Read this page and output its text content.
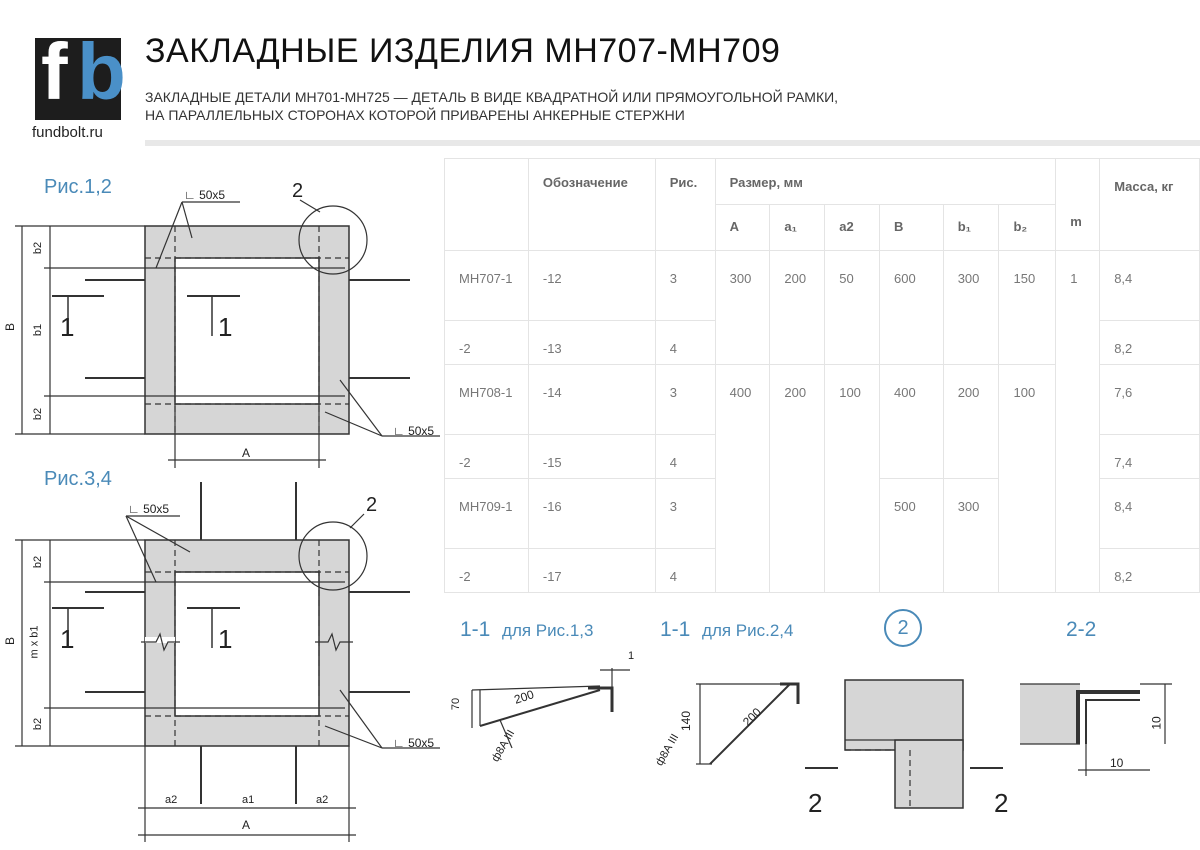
f b
fundbolt.ru
ЗАКЛАДНЫЕ ИЗДЕЛИЯ МН707-МН709
ЗАКЛАДНЫЕ ДЕТАЛИ МН701-МН725 — ДЕТАЛЬ В ВИДЕ КВАДРАТНОЙ ИЛИ ПРЯМОУГОЛЬНОЙ РАМКИ,
НА ПАРАЛЛЕЛЬНЫХ СТОРОНАХ КОТОРОЙ ПРИВАРЕНЫ АНКЕРНЫЕ СТЕРЖНИ
Рис.1,2
Рис.3,4
∟ 50x5
∟ 50x5
2
1	1
B
b2
b1
b2
A
∟ 50x5
∟ 50x5
2
1	1
B
b2
m x b1
b2
a2	a1	a2
A
	Обозначение	Рис.	Размер, мм						m	Масса, кг
			A	a₁	a2	B	b₁	b₂		
МН707-1	-12	3	300	200	50	600	300	150	1	8,4
-2	-13	4								8,2
МН708-1	-14	3	400	200	100	400	200	100		7,6
-2	-15	4								7,4
МН709-1	-16	3				500	300			8,4
-2	-17	4								8,2
1-1 для Рис.1,3	1-1 для Рис.2,4	2	2-2
70	200
1
ф8А III
140	200
ф8А III
2	2
10
10
